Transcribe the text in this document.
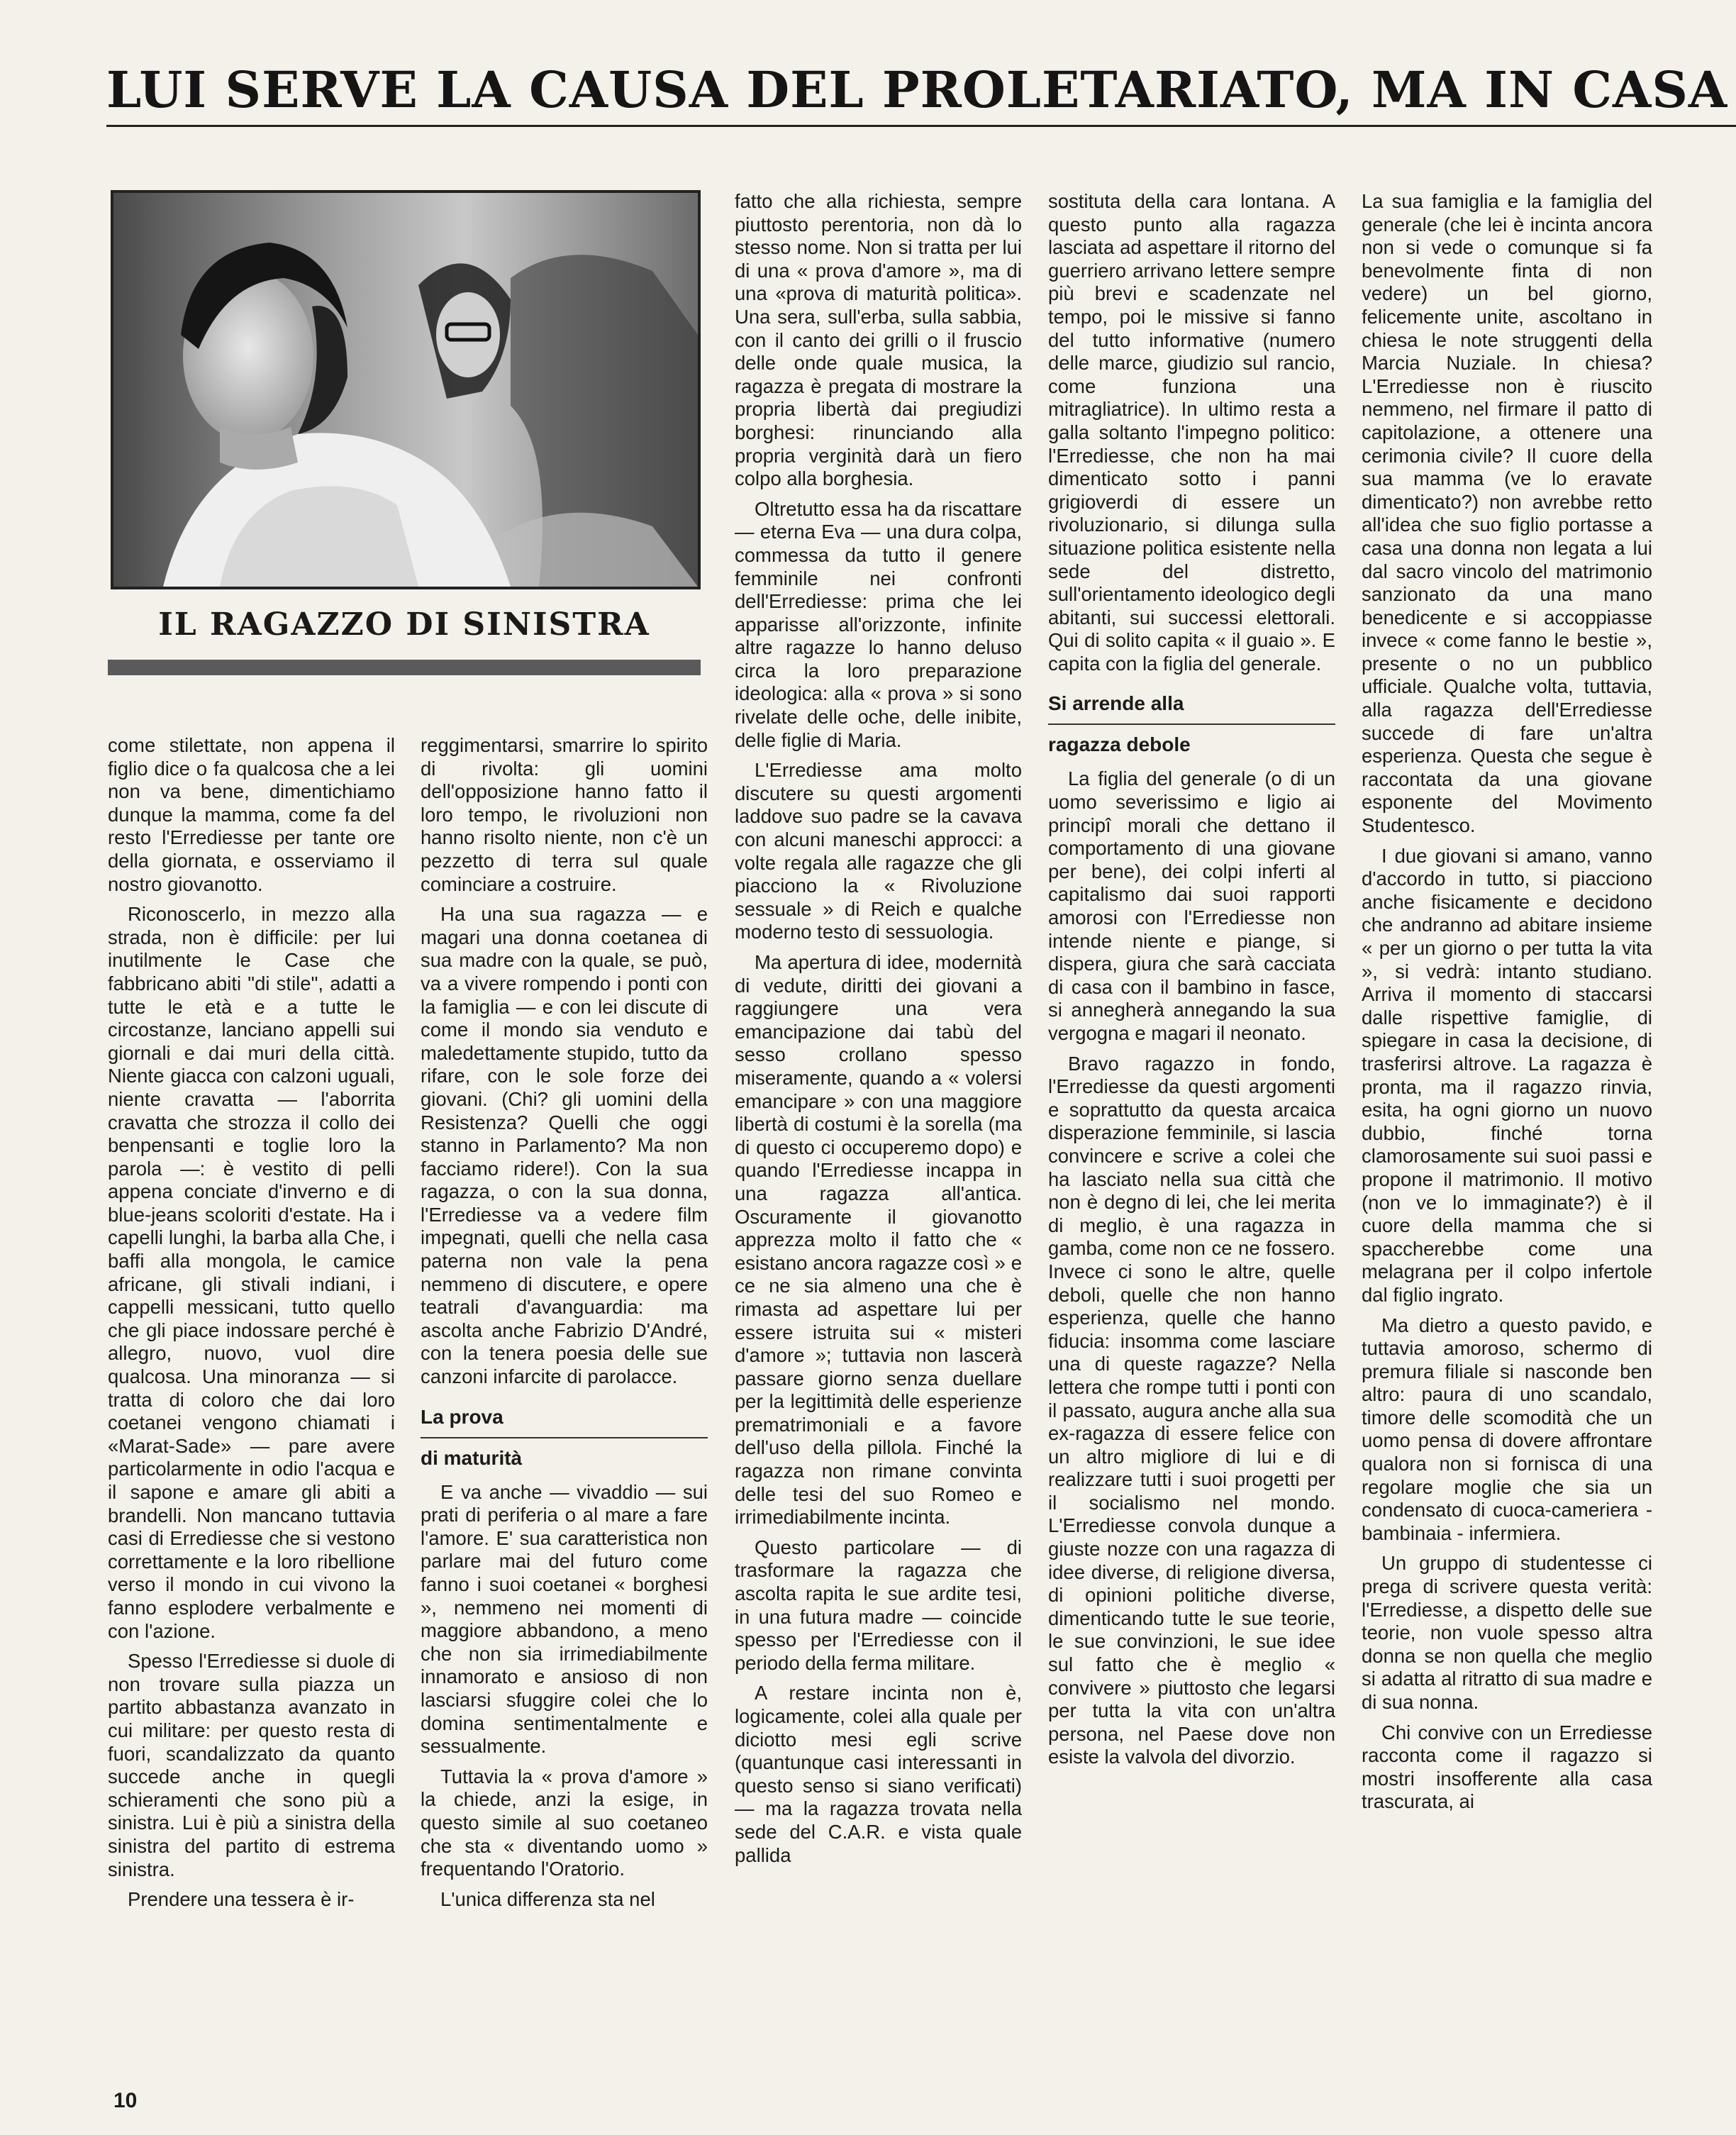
LUI SERVE LA CAUSA DEL PROLETARIATO, MA IN CASA
IL RAGAZZO DI SINISTRA

come stilettate, non appena il figlio dice o fa qualcosa che a lei non va bene, dimentichiamo dunque la mamma, come fa del resto l'Errediesse per tante ore della giornata, e osserviamo il nostro giovanotto.

Riconoscerlo, in mezzo alla strada, non è difficile: per lui inutilmente le Case che fabbricano abiti "di stile", adatti a tutte le età e a tutte le circostanze, lanciano appelli sui giornali e dai muri della città. Niente giacca con calzoni uguali, niente cravatta — l'aborrita cravatta che strozza il collo dei benpensanti e toglie loro la parola —: è vestito di pelli appena conciate d'inverno e di blue-jeans scoloriti d'estate. Ha i capelli lunghi, la barba alla Che, i baffi alla mongola, le camice africane, gli stivali indiani, i cappelli messicani, tutto quello che gli piace indossare perché è allegro, nuovo, vuol dire qualcosa. Una minoranza — si tratta di coloro che dai loro coetanei vengono chiamati i «Marat-Sade» — pare avere particolarmente in odio l'acqua e il sapone e amare gli abiti a brandelli. Non mancano tuttavia casi di Errediesse che si vestono correttamente e la loro ribellione verso il mondo in cui vivono la fanno esplodere verbalmente e con l'azione.

Spesso l'Errediesse si duole di non trovare sulla piazza un partito abbastanza avanzato in cui militare: per questo resta di fuori, scandalizzato da quanto succede anche in quegli schieramenti che sono più a sinistra. Lui è più a sinistra della sinistra del partito di estrema sinistra.

Prendere una tessera è ir-

reggimentarsi, smarrire lo spirito di rivolta: gli uomini dell'opposizione hanno fatto il loro tempo, le rivoluzioni non hanno risolto niente, non c'è un pezzetto di terra sul quale cominciare a costruire.

Ha una sua ragazza — e magari una donna coetanea di sua madre con la quale, se può, va a vivere rompendo i ponti con la famiglia — e con lei discute di come il mondo sia venduto e maledettamente stupido, tutto da rifare, con le sole forze dei giovani. (Chi? gli uomini della Resistenza? Quelli che oggi stanno in Parlamento? Ma non facciamo ridere!). Con la sua ragazza, o con la sua donna, l'Errediesse va a vedere film impegnati, quelli che nella casa paterna non vale la pena nemmeno di discutere, e opere teatrali d'avanguardia: ma ascolta anche Fabrizio D'André, con la tenera poesia delle sue canzoni infarcite di parolacce.

La prova
di maturità

E va anche — vivaddio — sui prati di periferia o al mare a fare l'amore. E' sua caratteristica non parlare mai del futuro come fanno i suoi coetanei « borghesi », nemmeno nei momenti di maggiore abbandono, a meno che non sia irrimediabilmente innamorato e ansioso di non lasciarsi sfuggire colei che lo domina sentimentalmente e sessualmente.

Tuttavia la « prova d'amore » la chiede, anzi la esige, in questo simile al suo coetaneo che sta « diventando uomo » frequentando l'Oratorio.

L'unica differenza sta nel

fatto che alla richiesta, sempre piuttosto perentoria, non dà lo stesso nome. Non si tratta per lui di una « prova d'amore », ma di una «prova di maturità politica». Una sera, sull'erba, sulla sabbia, con il canto dei grilli o il fruscio delle onde quale musica, la ragazza è pregata di mostrare la propria libertà dai pregiudizi borghesi: rinunciando alla propria verginità darà un fiero colpo alla borghesia.

Oltretutto essa ha da riscattare — eterna Eva — una dura colpa, commessa da tutto il genere femminile nei confronti dell'Errediesse: prima che lei apparisse all'orizzonte, infinite altre ragazze lo hanno deluso circa la loro preparazione ideologica: alla « prova » si sono rivelate delle oche, delle inibite, delle figlie di Maria.

L'Errediesse ama molto discutere su questi argomenti laddove suo padre se la cavava con alcuni maneschi approcci: a volte regala alle ragazze che gli piacciono la « Rivoluzione sessuale » di Reich e qualche moderno testo di sessuologia.

Ma apertura di idee, modernità di vedute, diritti dei giovani a raggiungere una vera emancipazione dai tabù del sesso crollano spesso miseramente, quando a « volersi emancipare » con una maggiore libertà di costumi è la sorella (ma di questo ci occuperemo dopo) e quando l'Errediesse incappa in una ragazza all'antica. Oscuramente il giovanotto apprezza molto il fatto che « esistano ancora ragazze così » e ce ne sia almeno una che è rimasta ad aspettare lui per essere istruita sui « misteri d'amore »; tuttavia non lascerà passare giorno senza duellare per la legittimità delle esperienze prematrimoniali e a favore dell'uso della pillola. Finché la ragazza non rimane convinta delle tesi del suo Romeo e irrimediabilmente incinta.

Questo particolare — di trasformare la ragazza che ascolta rapita le sue ardite tesi, in una futura madre — coincide spesso per l'Errediesse con il periodo della ferma militare.

A restare incinta non è, logicamente, colei alla quale per diciotto mesi egli scrive (quantunque casi interessanti in questo senso si siano verificati) — ma la ragazza trovata nella sede del C.A.R. e vista quale pallida

sostituta della cara lontana. A questo punto alla ragazza lasciata ad aspettare il ritorno del guerriero arrivano lettere sempre più brevi e scadenzate nel tempo, poi le missive si fanno del tutto informative (numero delle marce, giudizio sul rancio, come funziona una mitragliatrice). In ultimo resta a galla soltanto l'impegno politico: l'Errediesse, che non ha mai dimenticato sotto i panni grigioverdi di essere un rivoluzionario, si dilunga sulla situazione politica esistente nella sede del distretto, sull'orientamento ideologico degli abitanti, sui successi elettorali. Qui di solito capita « il guaio ». E capita con la figlia del generale.

Si arrende alla
ragazza debole

La figlia del generale (o di un uomo severissimo e ligio ai principî morali che dettano il comportamento di una giovane per bene), dei colpi inferti al capitalismo dai suoi rapporti amorosi con l'Errediesse non intende niente e piange, si dispera, giura che sarà cacciata di casa con il bambino in fasce, si annegherà annegando la sua vergogna e magari il neonato.

Bravo ragazzo in fondo, l'Errediesse da questi argomenti e soprattutto da questa arcaica disperazione femminile, si lascia convincere e scrive a colei che ha lasciato nella sua città che non è degno di lei, che lei merita di meglio, è una ragazza in gamba, come non ce ne fossero. Invece ci sono le altre, quelle deboli, quelle che non hanno esperienza, quelle che hanno fiducia: insomma come lasciare una di queste ragazze? Nella lettera che rompe tutti i ponti con il passato, augura anche alla sua ex-ragazza di essere felice con un altro migliore di lui e di realizzare tutti i suoi progetti per il socialismo nel mondo. L'Errediesse convola dunque a giuste nozze con una ragazza di idee diverse, di religione diversa, di opinioni politiche diverse, dimenticando tutte le sue teorie, le sue convinzioni, le sue idee sul fatto che è meglio « convivere » piuttosto che legarsi per tutta la vita con un'altra persona, nel Paese dove non esiste la valvola del divorzio.

La sua famiglia e la famiglia del generale (che lei è incinta ancora non si vede o comunque si fa benevolmente finta di non vedere) un bel giorno, felicemente unite, ascoltano in chiesa le note struggenti della Marcia Nuziale. In chiesa? L'Errediesse non è riuscito nemmeno, nel firmare il patto di capitolazione, a ottenere una cerimonia civile? Il cuore della sua mamma (ve lo eravate dimenticato?) non avrebbe retto all'idea che suo figlio portasse a casa una donna non legata a lui dal sacro vincolo del matrimonio sanzionato da una mano benedicente e si accoppiasse invece « come fanno le bestie », presente o no un pubblico ufficiale. Qualche volta, tuttavia, alla ragazza dell'Errediesse succede di fare un'altra esperienza. Questa che segue è raccontata da una giovane esponente del Movimento Studentesco.

I due giovani si amano, vanno d'accordo in tutto, si piacciono anche fisicamente e decidono che andranno ad abitare insieme « per un giorno o per tutta la vita », si vedrà: intanto studiano. Arriva il momento di staccarsi dalle rispettive famiglie, di spiegare in casa la decisione, di trasferirsi altrove. La ragazza è pronta, ma il ragazzo rinvia, esita, ha ogni giorno un nuovo dubbio, finché torna clamorosamente sui suoi passi e propone il matrimonio. Il motivo (non ve lo immaginate?) è il cuore della mamma che si spaccherebbe come una melagrana per il colpo infertole dal figlio ingrato.

Ma dietro a questo pavido, e tuttavia amoroso, schermo di premura filiale si nasconde ben altro: paura di uno scandalo, timore delle scomodità che un uomo pensa di dovere affrontare qualora non si fornisca di una regolare moglie che sia un condensato di cuoca-cameriera - bambinaia - infermiera.

Un gruppo di studentesse ci prega di scrivere questa verità: l'Errediesse, a dispetto delle sue teorie, non vuole spesso altra donna se non quella che meglio si adatta al ritratto di sua madre e di sua nonna.

Chi convive con un Errediesse racconta come il ragazzo si mostri insofferente alla casa trascurata, ai

10
